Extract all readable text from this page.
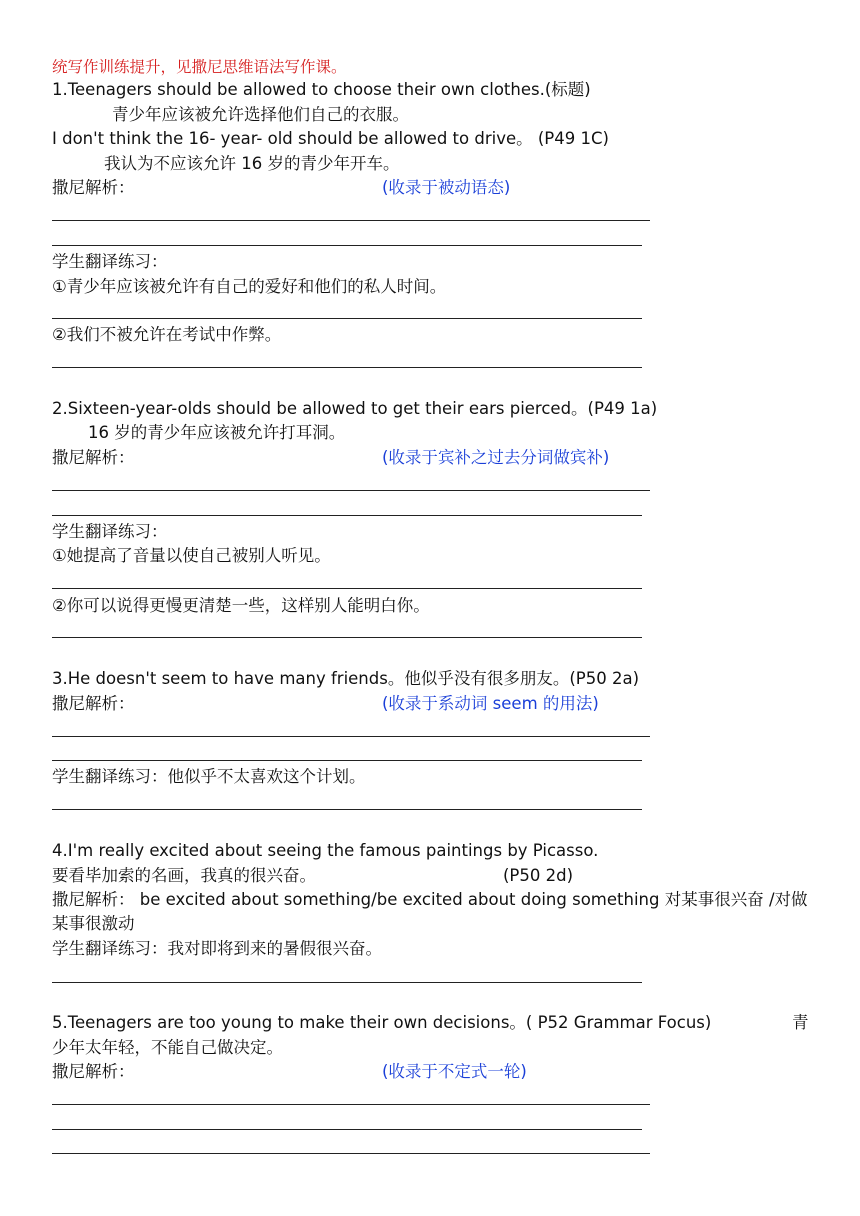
统写作训练提升，见撒尼思维语法写作课。
1.Teenagers should be allowed to choose their own clothes.(标题)
青少年应该被允许选择他们自己的衣服。
I don't think the 16- year- old should be allowed to drive。 (P49 1C)
我认为不应该允许 16 岁的青少年开车。
撒尼解析：	(收录于被动语态)
学生翻译练习：
①青少年应该被允许有自己的爱好和他们的私人时间。
②我们不被允许在考试中作弊。
2.Sixteen-year-olds should be allowed to get their ears pierced。(P49 1a)
16 岁的青少年应该被允许打耳洞。
撒尼解析：	(收录于宾补之过去分词做宾补)
学生翻译练习：
①她提高了音量以使自己被别人听见。
②你可以说得更慢更清楚一些，这样别人能明白你。
3.He doesn't seem to have many friends。他似乎没有很多朋友。(P50 2a)
撒尼解析：	(收录于系动词 seem 的用法)
学生翻译练习：他似乎不太喜欢这个计划。
4.I'm really excited about seeing the famous paintings by Picasso.
要看毕加索的名画，我真的很兴奋。	(P50 2d)
撒尼解析： be excited about something/be excited about doing something 对某事很兴奋 /对做某事很激动
学生翻译练习：我对即将到来的暑假很兴奋。
5.Teenagers are too young to make their own decisions。( P52 Grammar Focus)	青
少年太年轻，不能自己做决定。
撒尼解析：	(收录于不定式一轮)
